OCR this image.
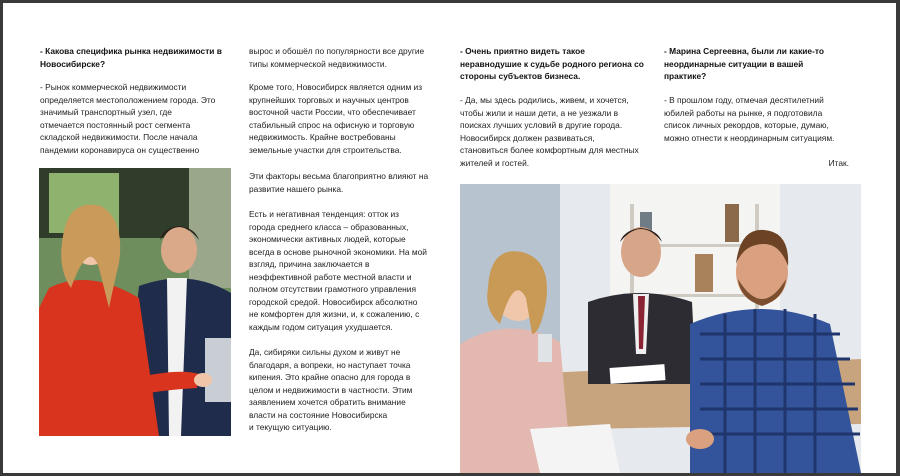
- Какова специфика рынка недвижимости в
Новосибирске?

- Рынок коммерческой недвижимости
определяется местоположением города. Это
значимый транспортный узел, где
отмечается постоянный рост сегмента
складской недвижимости. После начала
пандемии коронавируса он существенно

вырос и обошёл по популярности все другие
типы коммерческой недвижимости.

Кроме того, Новосибирск является одним из
крупнейших торговых и научных центров
восточной части России, что обеспечивает
стабильный спрос на офисную и торговую
недвижимость. Крайне востребованы
земельные участки для строительства.

Эти факторы весьма благоприятно влияют на
развитие нашего рынка.

Есть и негативная тенденция: отток из
города среднего класса – образованных,
экономически активных людей, которые
всегда в основе рыночной экономики. На мой
взгляд, причина заключается в
неэффективной работе местной власти и
полном отсутствии грамотного управления
городской средой. Новосибирск абсолютно
не комфортен для жизни, и, к сожалению, с
каждым годом ситуация ухудшается.

Да, сибиряки сильны духом и живут не
благодаря, а вопреки, но наступает точка
кипения. Это крайне опасно для города в
целом и недвижимости в частности. Этим
заявлением хочется обратить внимание
власти на состояние Новосибирска
и текущую ситуацию.

- Очень приятно видеть такое
неравнодушие к судьбе родного региона со
стороны субъектов бизнеса.

- Да, мы здесь родились, живем, и хочется,
чтобы жили и наши дети, а не уезжали в
поисках лучших условий в другие города.
Новосибирск должен развиваться,
становиться более комфортным для местных
жителей и гостей.

- Марина Сергеевна, были ли какие-то
неординарные ситуации в вашей
практике?

- В прошлом году, отмечая десятилетний
юбилей работы на рынке, я подготовила
список личных рекордов, которые, думаю,
можно отнести к неординарным ситуациям.

Итак.
